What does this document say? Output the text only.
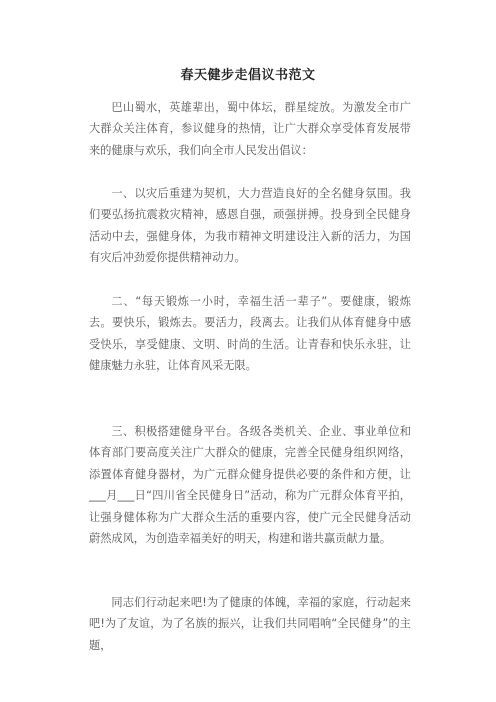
春天健步走倡议书范文

巴山蜀水，英雄辈出，蜀中体坛，群星绽放。为激发全市广大群众关注体育，参议健身的热情，让广大群众享受体育发展带来的健康与欢乐，我们向全市人民发出倡议：

一、以灾后重建为契机，大力营造良好的全名健身氛围。我们要弘扬抗震救灾精神，感恩自强，顽强拼搏。投身到全民健身活动中去，强健身体，为我市精神文明建设注入新的活力，为国有灾后冲劲爱你提供精神动力。

二、“每天锻炼一小时，幸福生活一辈子”。要健康，锻炼去。要快乐，锻炼去。要活力，段离去。让我们从体育健身中感受快乐，享受健康、文明、时尚的生活。让青春和快乐永驻，让健康魅力永驻，让体育风采无限。

三、积极搭建健身平台。各级各类机关、企业、事业单位和体育部门要高度关注广大群众的健康，完善全民健身组织网络，添置体育健身器材，为广元群众健身提供必要的条件和方便，让___月___日“四川省全民健身日”活动，称为广元群众体育平拍，让强身健体称为广大群众生活的重要内容，使广元全民健身活动蔚然成风，为创造幸福美好的明天，构建和谐共赢贡献力量。

同志们行动起来吧!为了健康的体魄，幸福的家庭，行动起来吧!为了友谊，为了名族的振兴，让我们共同唱响“全民健身”的主题，
